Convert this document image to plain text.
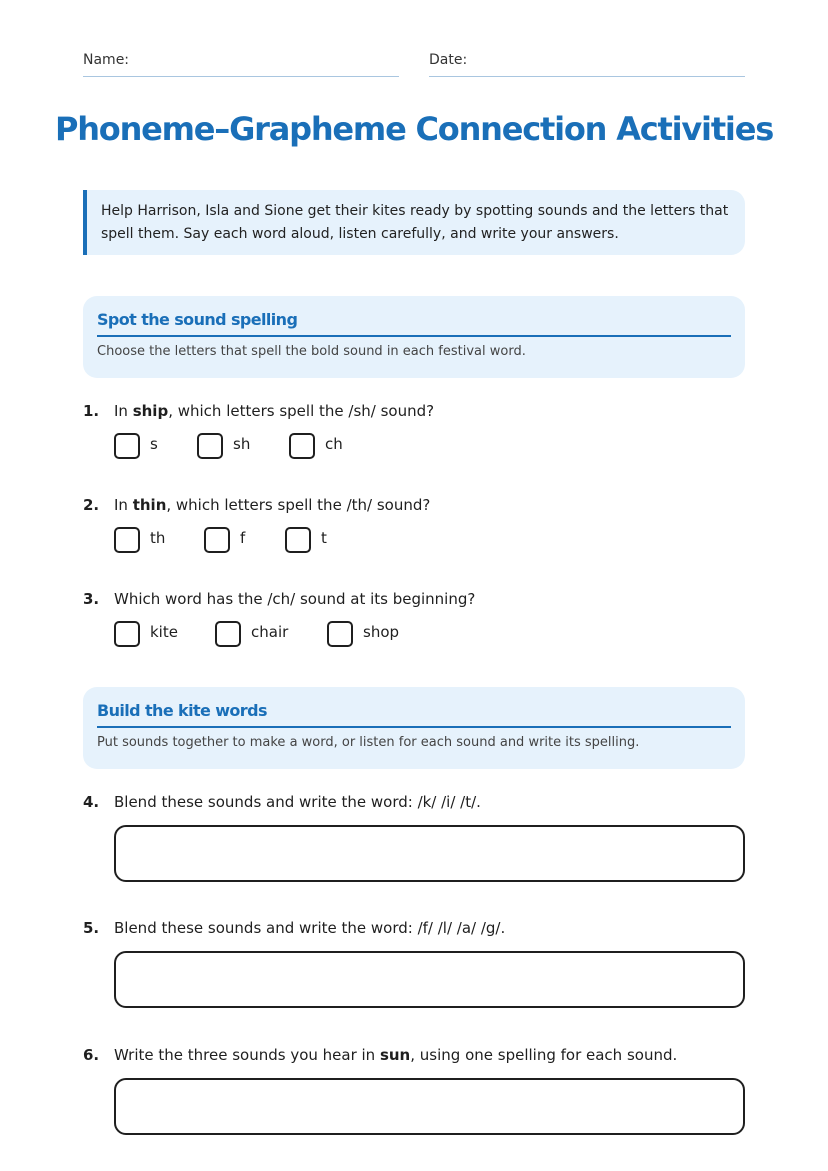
Name:	Date:
Phoneme–Grapheme Connection Activities
Help Harrison, Isla and Sione get their kites ready by spotting sounds and the letters that spell them. Say each word aloud, listen carefully, and write your answers.
Spot the sound spelling
Choose the letters that spell the bold sound in each festival word.
1. In ship, which letters spell the /sh/ sound?
s	sh	ch
2. In thin, which letters spell the /th/ sound?
th	f	t
3. Which word has the /ch/ sound at its beginning?
kite	chair	shop
Build the kite words
Put sounds together to make a word, or listen for each sound and write its spelling.
4. Blend these sounds and write the word: /k/ /i/ /t/.
5. Blend these sounds and write the word: /f/ /l/ /a/ /g/.
6. Write the three sounds you hear in sun, using one spelling for each sound.
